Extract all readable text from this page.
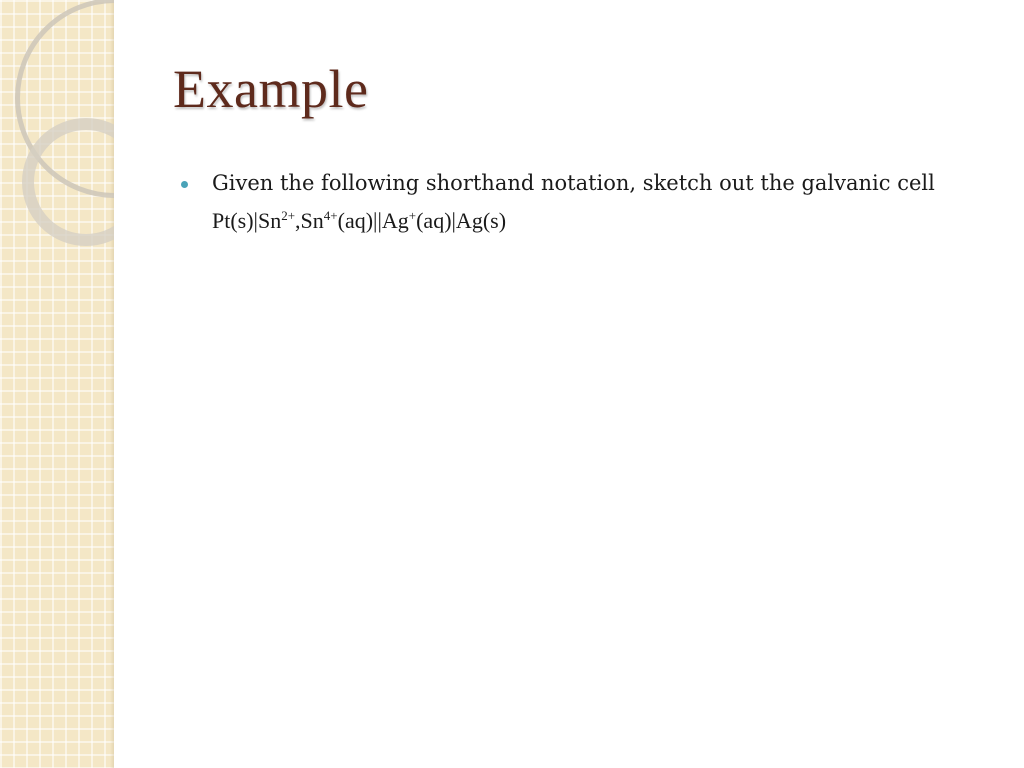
Example

Given the following shorthand notation, sketch out the galvanic cell

$Pt(s)|Sn^{2+},Sn^{4+}(aq)||Ag^+(aq)|Ag(s)$
